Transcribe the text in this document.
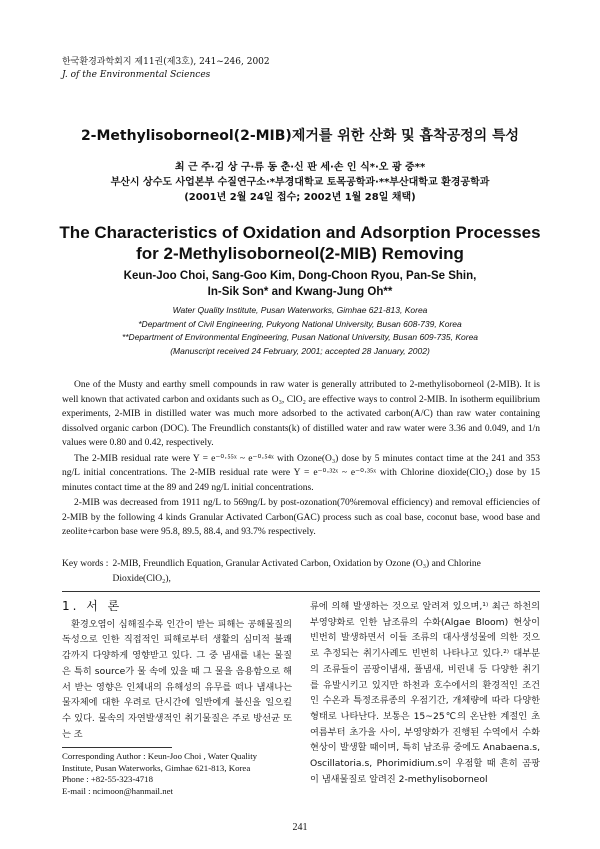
한국환경과학회지 제11권(제3호), 241~246, 2002
J. of the Environmental Sciences
2-Methylisoborneol(2-MIB)제거를 위한 산화 및 흡착공정의 특성
최 근 주·김 상 구·류 동 춘·신 판 세·손 인 식*·오 광 중**
부산시 상수도 사업본부 수질연구소·*부경대학교 토목공학과·**부산대학교 환경공학과
(2001년 2월 24일 접수; 2002년 1월 28일 채택)
The Characteristics of Oxidation and Adsorption Processes
for 2-Methylisoborneol(2-MIB) Removing
Keun-Joo Choi, Sang-Goo Kim, Dong-Choon Ryou, Pan-Se Shin,
In-Sik Son* and Kwang-Jung Oh**
Water Quality Institute, Pusan Waterworks, Gimhae 621-813, Korea
*Department of Civil Engineering, Pukyong National University, Busan 608-739, Korea
**Department of Environmental Engineering, Pusan National University, Busan 609-735, Korea
(Manuscript received 24 February, 2001; accepted 28 January, 2002)

One of the Musty and earthy smell compounds in raw water is generally attributed to 2-methylisoborneol (2-MIB). It is well known that activated carbon and oxidants such as O₃, ClO₂ are effective ways to control 2-MIB. In isotherm equilibrium experiments, 2-MIB in distilled water was much more adsorbed to the activated carbon(A/C) than raw water containing dissolved organic carbon (DOC). The Freundlich constants(k) of distilled water and raw water were 3.36 and 0.049, and 1/n values were 0.80 and 0.42, respectively.

The 2-MIB residual rate were Y = e⁻⁰·⁵⁵ˣ ~ e⁻⁰·⁵⁴ˣ with Ozone(O₃) dose by 5 minutes contact time at the 241 and 353 ng/L initial concentrations. The 2-MIB residual rate were Y = e⁻⁰·³²ˣ ~ e⁻⁰·³⁵ˣ with Chlorine dioxide(ClO₂) dose by 15 minutes contact time at the 89 and 249 ng/L initial concentrations.

2-MIB was decreased from 1911 ng/L to 569ng/L by post-ozonation(70%removal efficiency) and removal efficiencies of 2-MIB by the following 4 kinds Granular Activated Carbon(GAC) process such as coal base, coconut base, wood base and zeolite+carbon base were 95.8, 89.5, 88.4, and 93.7% respectively.

Key words : 2-MIB, Freundlich Equation, Granular Activated Carbon, Oxidation by Ozone (O₃) and Chlorine Dioxide(ClO₂),
1. 서 론

환경오염이 심해질수록 인간이 받는 피해는 공해물질의 독성으로 인한 직접적인 피해로부터 생활의 심미적 불쾌감까지 다양하게 영향받고 있다. 그 중 냄새를 내는 물질은 특히 source가 물 속에 있을 때 그 물을 음용함으로 해서 받는 영향은 인체내의 유해성의 유무를 떠나 냄새나는 물자체에 대한 우려로 단시간에 일반에게 불신을 일으킬 수 있다. 물속의 자연발생적인 취기물질은 주로 방선균 또는 조

류에 의해 발생하는 것으로 알려져 있으며,¹⁾ 최근 하천의 부영양화로 인한 남조류의 수화(Algae Bloom) 현상이 빈번히 발생하면서 이들 조류의 대사생성물에 의한 것으로 추정되는 취기사례도 빈번히 나타나고 있다.²⁾ 대부분의 조류들이 곰팡이냄새, 풀냄새, 비린내 등 다양한 취기를 유발시키고 있지만 하천과 호수에서의 환경적인 조건인 수온과 특정조류종의 우점기간, 개체량에 따라 다양한 형태로 나타난다. 보통은 15~25℃의 온난한 계절인 초여름부터 초가을 사이, 부영양화가 진행된 수역에서 수화현상이 발생할 때이며, 특히 남조류 중에도 Anabaena.s, Oscillatoria.s, Phorimidium.s이 우점할 때 흔히 곰팡이 냄새물질로 알려진 2-methylisoborneol

Corresponding Author : Keun-Joo Choi , Water Quality
Institute, Pusan Waterworks, Gimhae 621-813, Korea
Phone : +82-55-323-4718
E-mail : ncimoon@hanmail.net
241
